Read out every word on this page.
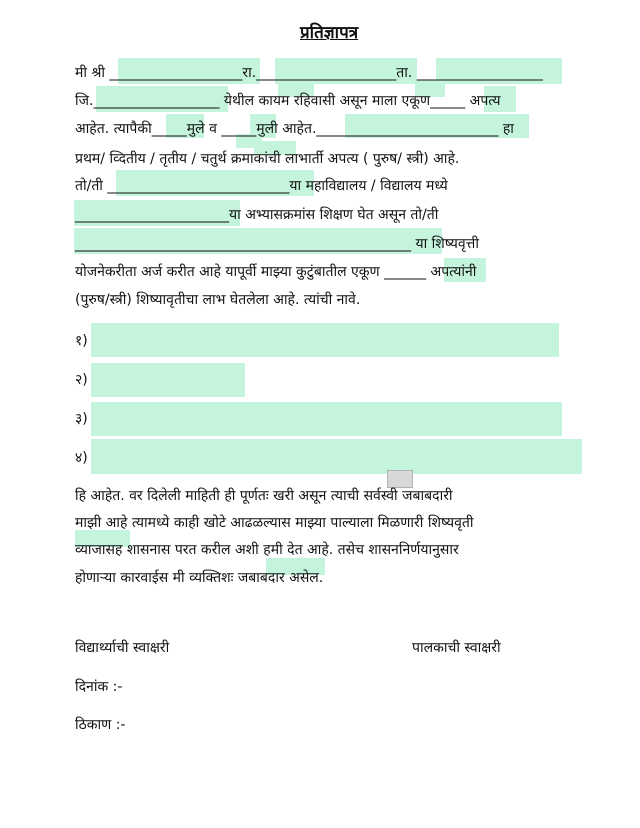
प्रतिज्ञापत्र
मी श्री ___________________रा.____________________ता. __________________
जि.__________________ येथील कायम रहिवासी असून माला एकूण_____ अपत्य
आहेत. त्यापैकी_____मुले व _____मुली आहेत.__________________________ हा
प्रथम/ व्दितीय / तृतीय / चतुर्थ क्रमाकांची लाभार्ती अपत्य ( पुरुष/ स्त्री) आहे.
तो/ती __________________________या महाविद्यालय / विद्यालय मध्ये
______________________या अभ्यासक्रमांस शिक्षण घेत असून तो/ती
________________________________________________ या शिष्यवृत्ती
योजनेकरीता अर्ज करीत आहे यापूर्वी माझ्या कुटुंबातील एकूण ______ अपत्यांनी
(पुरुष/स्त्री) शिष्यावृतीचा लाभ घेतलेला आहे. त्यांची नावे.
१)
२)
३)
४)
हि आहेत. वर दिलेली माहिती ही पूर्णतः खरी असून त्याची सर्वस्वी जबाबदारी
माझी आहे त्यामध्ये काही खोटे आढळल्यास माझ्या पाल्याला मिळणारी शिष्यवृती
व्याजासह शासनास परत करील अशी हमी देत आहे. तसेच शासननिर्णयानुसार
होणाऱ्या कारवाईस मी व्यक्तिशः जबाबदार असेल.
विद्यार्थ्याची स्वाक्षरी	पालकाची स्वाक्षरी
दिनांक :-
ठिकाण :-
